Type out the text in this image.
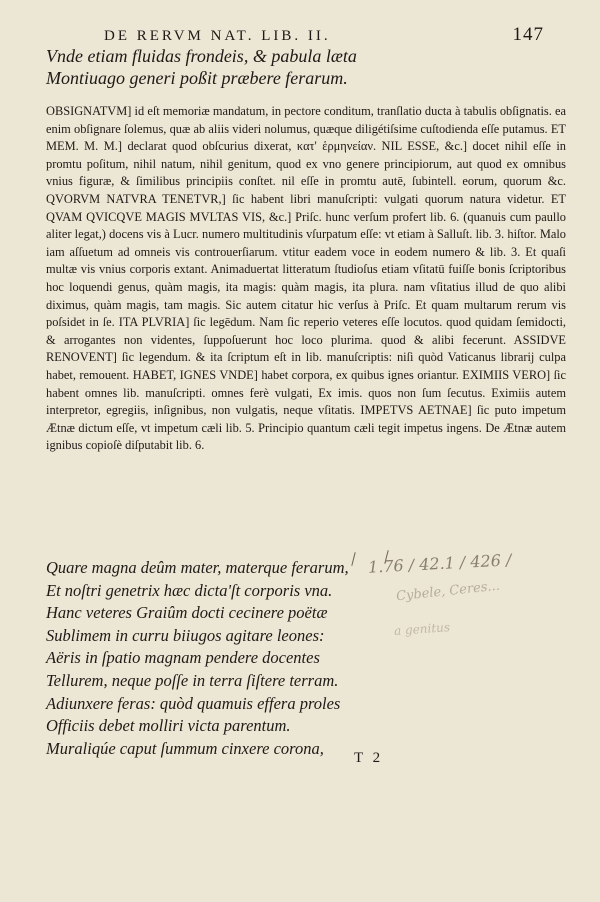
DE RERVM NAT. LIB. II.	147
Vnde etiam fluidas frondeis, & pabula læta
Montiuago generi poßit præbere ferarum.

OBSIGNATVM] id eſt memoriæ mandatum, in pectore conditum, tranſlatio ducta à tabulis obſignatis. ea enim obſignare ſolemus, quæ ab aliis videri nolumus, quæque diligétiſsime cuſtodienda eſſe putamus. ET MEM. M. M.] declarat quod obſcurius dixerat, κατ' ἑρμηνείαν. NIL ESSE, &c.] docet nihil eſſe in promtu poſitum, nihil natum, nihil genitum, quod ex vno genere principiorum, aut quod ex omnibus vnius figuræ, & ſimilibus principiis conſtet. nil eſſe in promtu autē, ſubintell. eorum, quorum &c. QVORVM NATVRA TENETVR,] ſic habent libri manuſcripti: vulgati quorum natura videtur. ET QVAM QVICQVE MAGIS MVLTAS VIS, &c.] Priſc. hunc verſum profert lib. 6. (quanuis cum paullo aliter legat,) docens vis à Lucr. numero multitudinis vſurpatum eſſe: vt etiam à Salluſt. lib. 3. hiſtor. Malo iam aſſuetum ad omneis vis controuerſiarum. vtitur eadem voce in eodem numero & lib. 3. Et quaſi multæ vis vnius corporis extant. Animaduertat litteratum ſtudioſus etiam vſitatū fuiſſe bonis ſcriptoribus hoc loquendi genus, quàm magis, ita magis: quàm magis, ita plura. nam vſitatius illud de quo alibi diximus, quàm magis, tam magis. Sic autem citatur hic verſus à Priſc. Et quam multarum rerum vis poſsidet in ſe. ITA PLVRIA] ſic legēdum. Nam ſic reperio veteres eſſe locutos. quod quidam ſemidocti, & arrogantes non videntes, ſuppoſuerunt hoc loco plurima. quod & alibi fecerunt. ASSIDVE RENOVENT] ſic legendum. & ita ſcriptum eſt in lib. manuſcriptis: niſi quòd Vaticanus librarij culpa habet, remouent. HABET, IGNES VNDE] habet corpora, ex quibus ignes oriantur. EXIMIIS VERO] ſic habent omnes lib. manuſcripti. omnes ferè vulgati, Ex imis. quos non ſum ſecutus. Eximiis autem interpretor, egregiis, inſignibus, non vulgatis, neque vſitatis. IMPETVS AETNAE] ſic puto impetum Ætnæ dictum eſſe, vt impetum cæli lib. 5. Principio quantum cæli tegit impetus ingens. De Ætnæ autem ignibus copioſè diſputabit lib. 6.

Quare magna deûm mater, materque ferarum,
Et noſtri genetrix hæc dicta'ſt corporis vna.
Hanc veteres Graiûm docti cecinere poëtæ
Sublimem in curru biiugos agitare leones:
Aëris in ſpatio magnam pendere docentes
Tellurem, neque poſſe in terra ſiſtere terram.
Adiunxere feras: quòd quamuis effera proles
Officiis debet molliri victa parentum.
Muraliqúe caput ſummum cinxere corona,
1.76 / 42.1 / 426 /
Cybele, Ceres...
a genitus
T 2
